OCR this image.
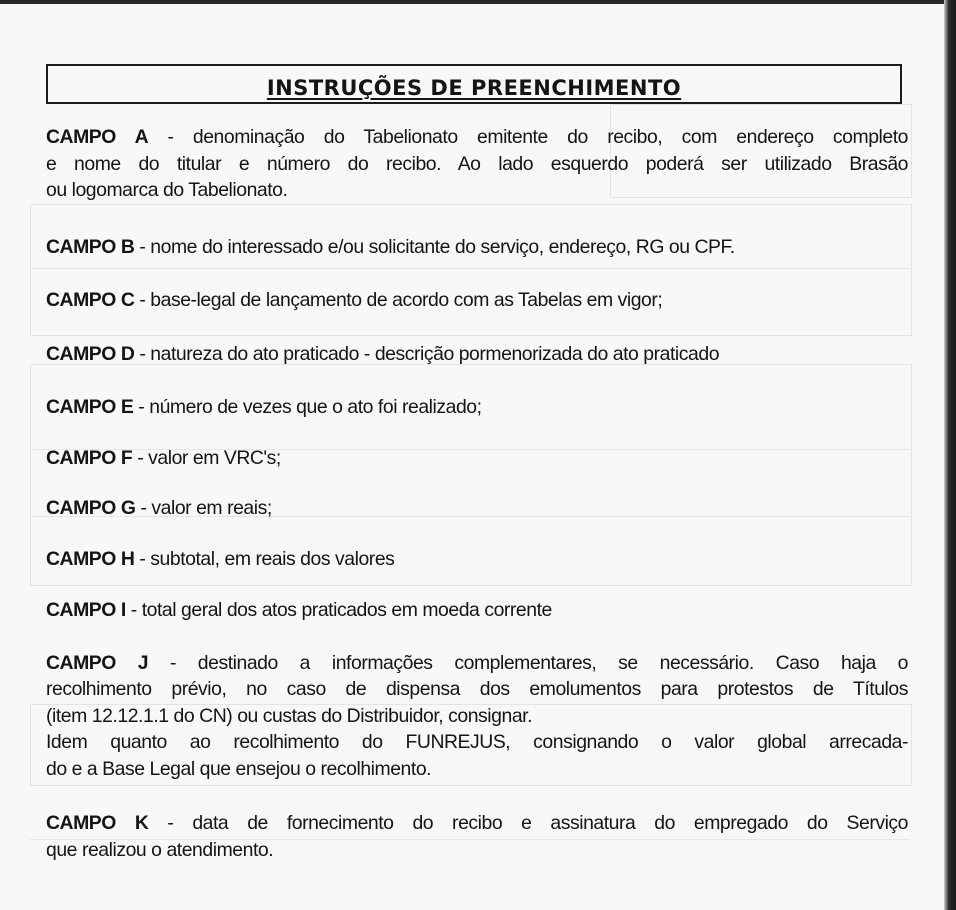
INSTRUÇÕES DE PREENCHIMENTO

CAMPO A - denominação do Tabelionato emitente do recibo, com endereço completo
e nome do titular e número do recibo. Ao lado esquerdo poderá ser utilizado Brasão
ou logomarca do Tabelionato.

CAMPO B - nome do interessado e/ou solicitante do serviço, endereço, RG ou CPF.

CAMPO C - base-legal de lançamento de acordo com as Tabelas em vigor;

CAMPO D - natureza do ato praticado - descrição pormenorizada do ato praticado

CAMPO E - número de vezes que o ato foi realizado;

CAMPO F - valor em VRC's;

CAMPO G - valor em reais;

CAMPO H - subtotal, em reais dos valores

CAMPO I - total geral dos atos praticados em moeda corrente

CAMPO J - destinado a informações complementares, se necessário. Caso haja o
recolhimento prévio, no caso de dispensa dos emolumentos para protestos de Títulos
(item 12.12.1.1 do CN) ou custas do Distribuidor, consignar.
Idem quanto ao recolhimento do FUNREJUS, consignando o valor global arrecada-
do e a Base Legal que ensejou o recolhimento.

CAMPO K - data de fornecimento do recibo e assinatura do empregado do Serviço
que realizou o atendimento.
